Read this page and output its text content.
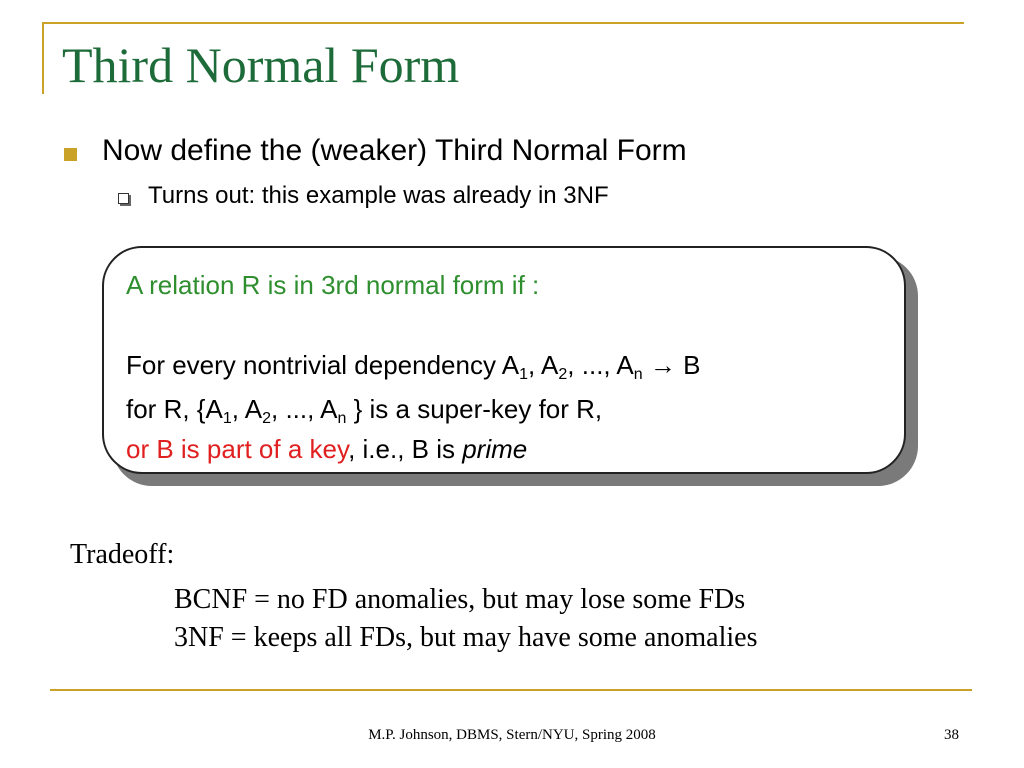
Third Normal Form
Now define the (weaker) Third Normal Form
Turns out: this example was already in 3NF
A relation R is in 3rd normal form if :
For every nontrivial dependency $A_1$, $A_2$, ..., $A_n \to B$
for R, {$A_1$, $A_2$, ..., $A_n$ } is a super-key for R,
or B is part of a key, i.e., B is prime
Tradeoff:
BCNF = no FD anomalies, but may lose some FDs
3NF = keeps all FDs, but may have some anomalies
M.P. Johnson, DBMS, Stern/NYU, Spring 2008	38
